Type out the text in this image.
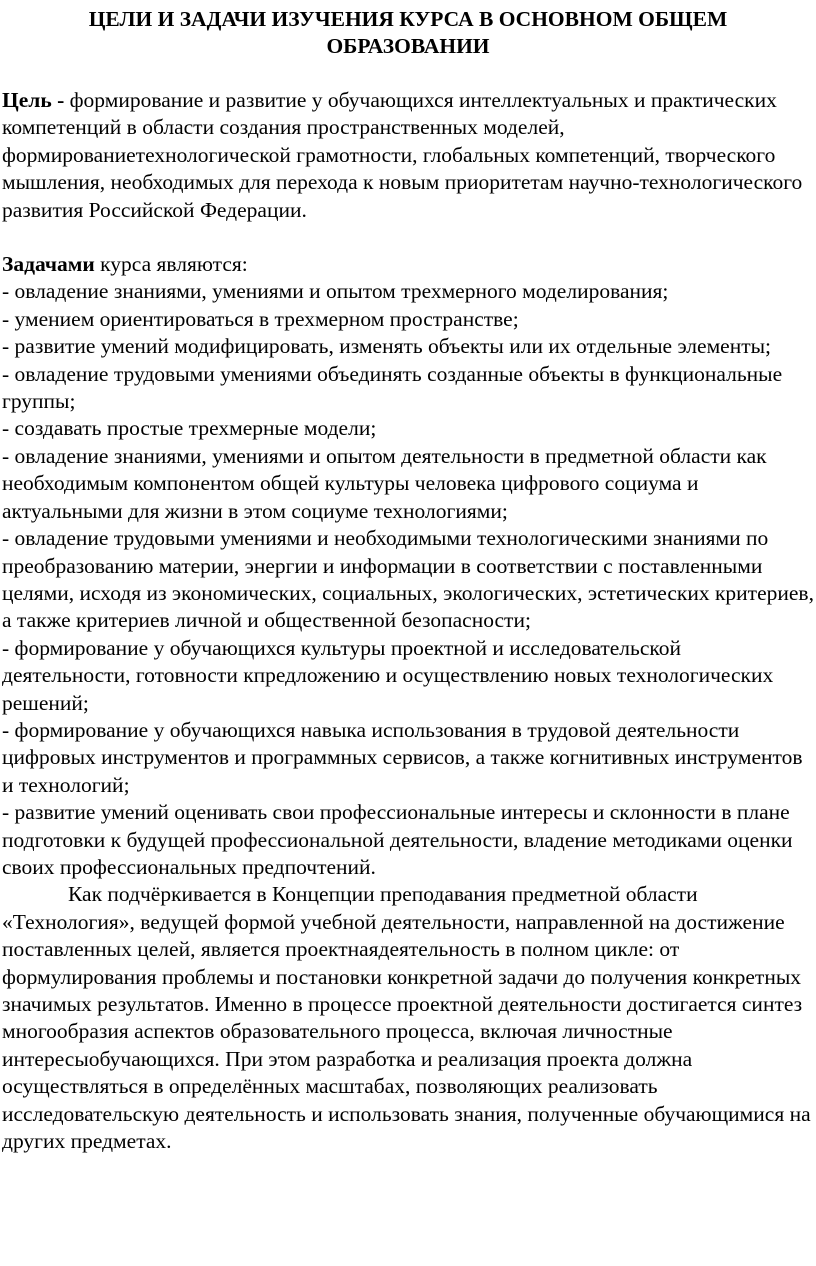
ЦЕЛИ И ЗАДАЧИ ИЗУЧЕНИЯ КУРСА В ОСНОВНОМ ОБЩЕМ ОБРАЗОВАНИИ

Цель - формирование и развитие у обучающихся интеллектуальных и практических компетенций в области создания пространственных моделей, формированиетехнологической грамотности, глобальных компетенций, творческого мышления, необходимых для перехода к новым приоритетам научно-технологического развития Российской Федерации.

Задачами курса являются:

- овладение знаниями, умениями и опытом трехмерного моделирования;

- умением ориентироваться в трехмерном пространстве;

- развитие умений модифицировать, изменять объекты или их отдельные элементы;

- овладение трудовыми умениями объединять созданные объекты в функциональные группы;

- создавать простые трехмерные модели;

- овладение знаниями, умениями и опытом деятельности в предметной области как необходимым компонентом общей культуры человека цифрового социума и актуальными для жизни в этом социуме технологиями;

- овладение трудовыми умениями и необходимыми технологическими знаниями по преобразованию материи, энергии и информации в соответствии с поставленными целями, исходя из экономических, социальных, экологических, эстетических критериев, а также критериев личной и общественной безопасности;

- формирование у обучающихся культуры проектной и исследовательской деятельности, готовности кпредложению и осуществлению новых технологических решений;

- формирование у обучающихся навыка использования в трудовой деятельности цифровых инструментов и программных сервисов, а также когнитивных инструментов и технологий;

- развитие умений оценивать свои профессиональные интересы и склонности в плане подготовки к будущей профессиональной деятельности, владение методиками оценки своих профессиональных предпочтений.

Как подчёркивается в Концепции преподавания предметной области «Технология», ведущей формой учебной деятельности, направленной на достижение поставленных целей, является проектнаядеятельность в полном цикле: от формулирования проблемы и постановки конкретной задачи до получения конкретных значимых результатов. Именно в процессе проектной деятельности достигается синтез многообразия аспектов образовательного процесса, включая личностные интересыобучающихся. При этом разработка и реализация проекта должна осуществляться в определённых масштабах, позволяющих реализовать исследовательскую деятельность и использовать знания, полученные обучающимися на других предметах.
